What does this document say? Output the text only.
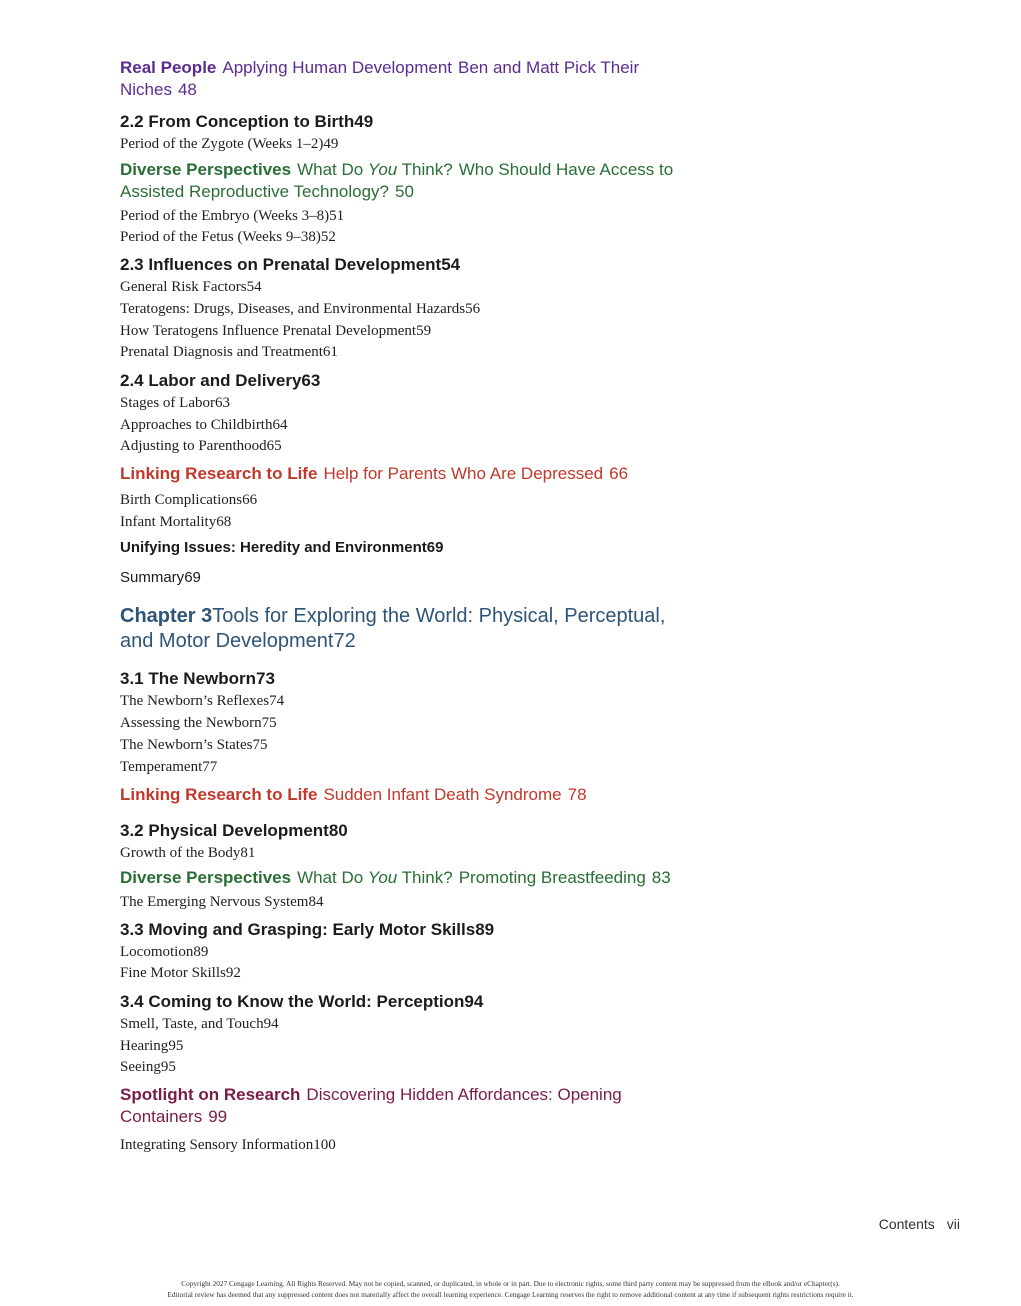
Real People Applying Human Development Ben and Matt Pick Their
Niches 48

2.2 From Conception to Birth49

Period of the Zygote (Weeks 1–2)49

Diverse Perspectives What Do You Think? Who Should Have Access to
Assisted Reproductive Technology? 50

Period of the Embryo (Weeks 3–8)51

Period of the Fetus (Weeks 9–38)52

2.3 Influences on Prenatal Development54

General Risk Factors54

Teratogens: Drugs, Diseases, and Environmental Hazards56

How Teratogens Influence Prenatal Development59

Prenatal Diagnosis and Treatment61

2.4 Labor and Delivery63

Stages of Labor63

Approaches to Childbirth64

Adjusting to Parenthood65

Linking Research to Life Help for Parents Who Are Depressed 66

Birth Complications66

Infant Mortality68

Unifying Issues: Heredity and Environment69

Summary69

Chapter 3Tools for Exploring the World: Physical, Perceptual,
and Motor Development72

3.1 The Newborn73

The Newborn’s Reflexes74

Assessing the Newborn75

The Newborn’s States75

Temperament77

Linking Research to Life Sudden Infant Death Syndrome 78

3.2 Physical Development80

Growth of the Body81

Diverse Perspectives What Do You Think? Promoting Breastfeeding 83

The Emerging Nervous System84

3.3 Moving and Grasping: Early Motor Skills89

Locomotion89

Fine Motor Skills92

3.4 Coming to Know the World: Perception94

Smell, Taste, and Touch94

Hearing95

Seeing95

Spotlight on Research Discovering Hidden Affordances: Opening
Containers 99

Integrating Sensory Information100

Contents vii
Copyright 2027 Cengage Learning. All Rights Reserved. May not be copied, scanned, or duplicated, in whole or in part. Due to electronic rights, some third party content may be suppressed from the eBook and/or eChapter(s).
Editorial review has deemed that any suppressed content does not materially affect the overall learning experience. Cengage Learning reserves the right to remove additional content at any time if subsequent rights restrictions require it.
